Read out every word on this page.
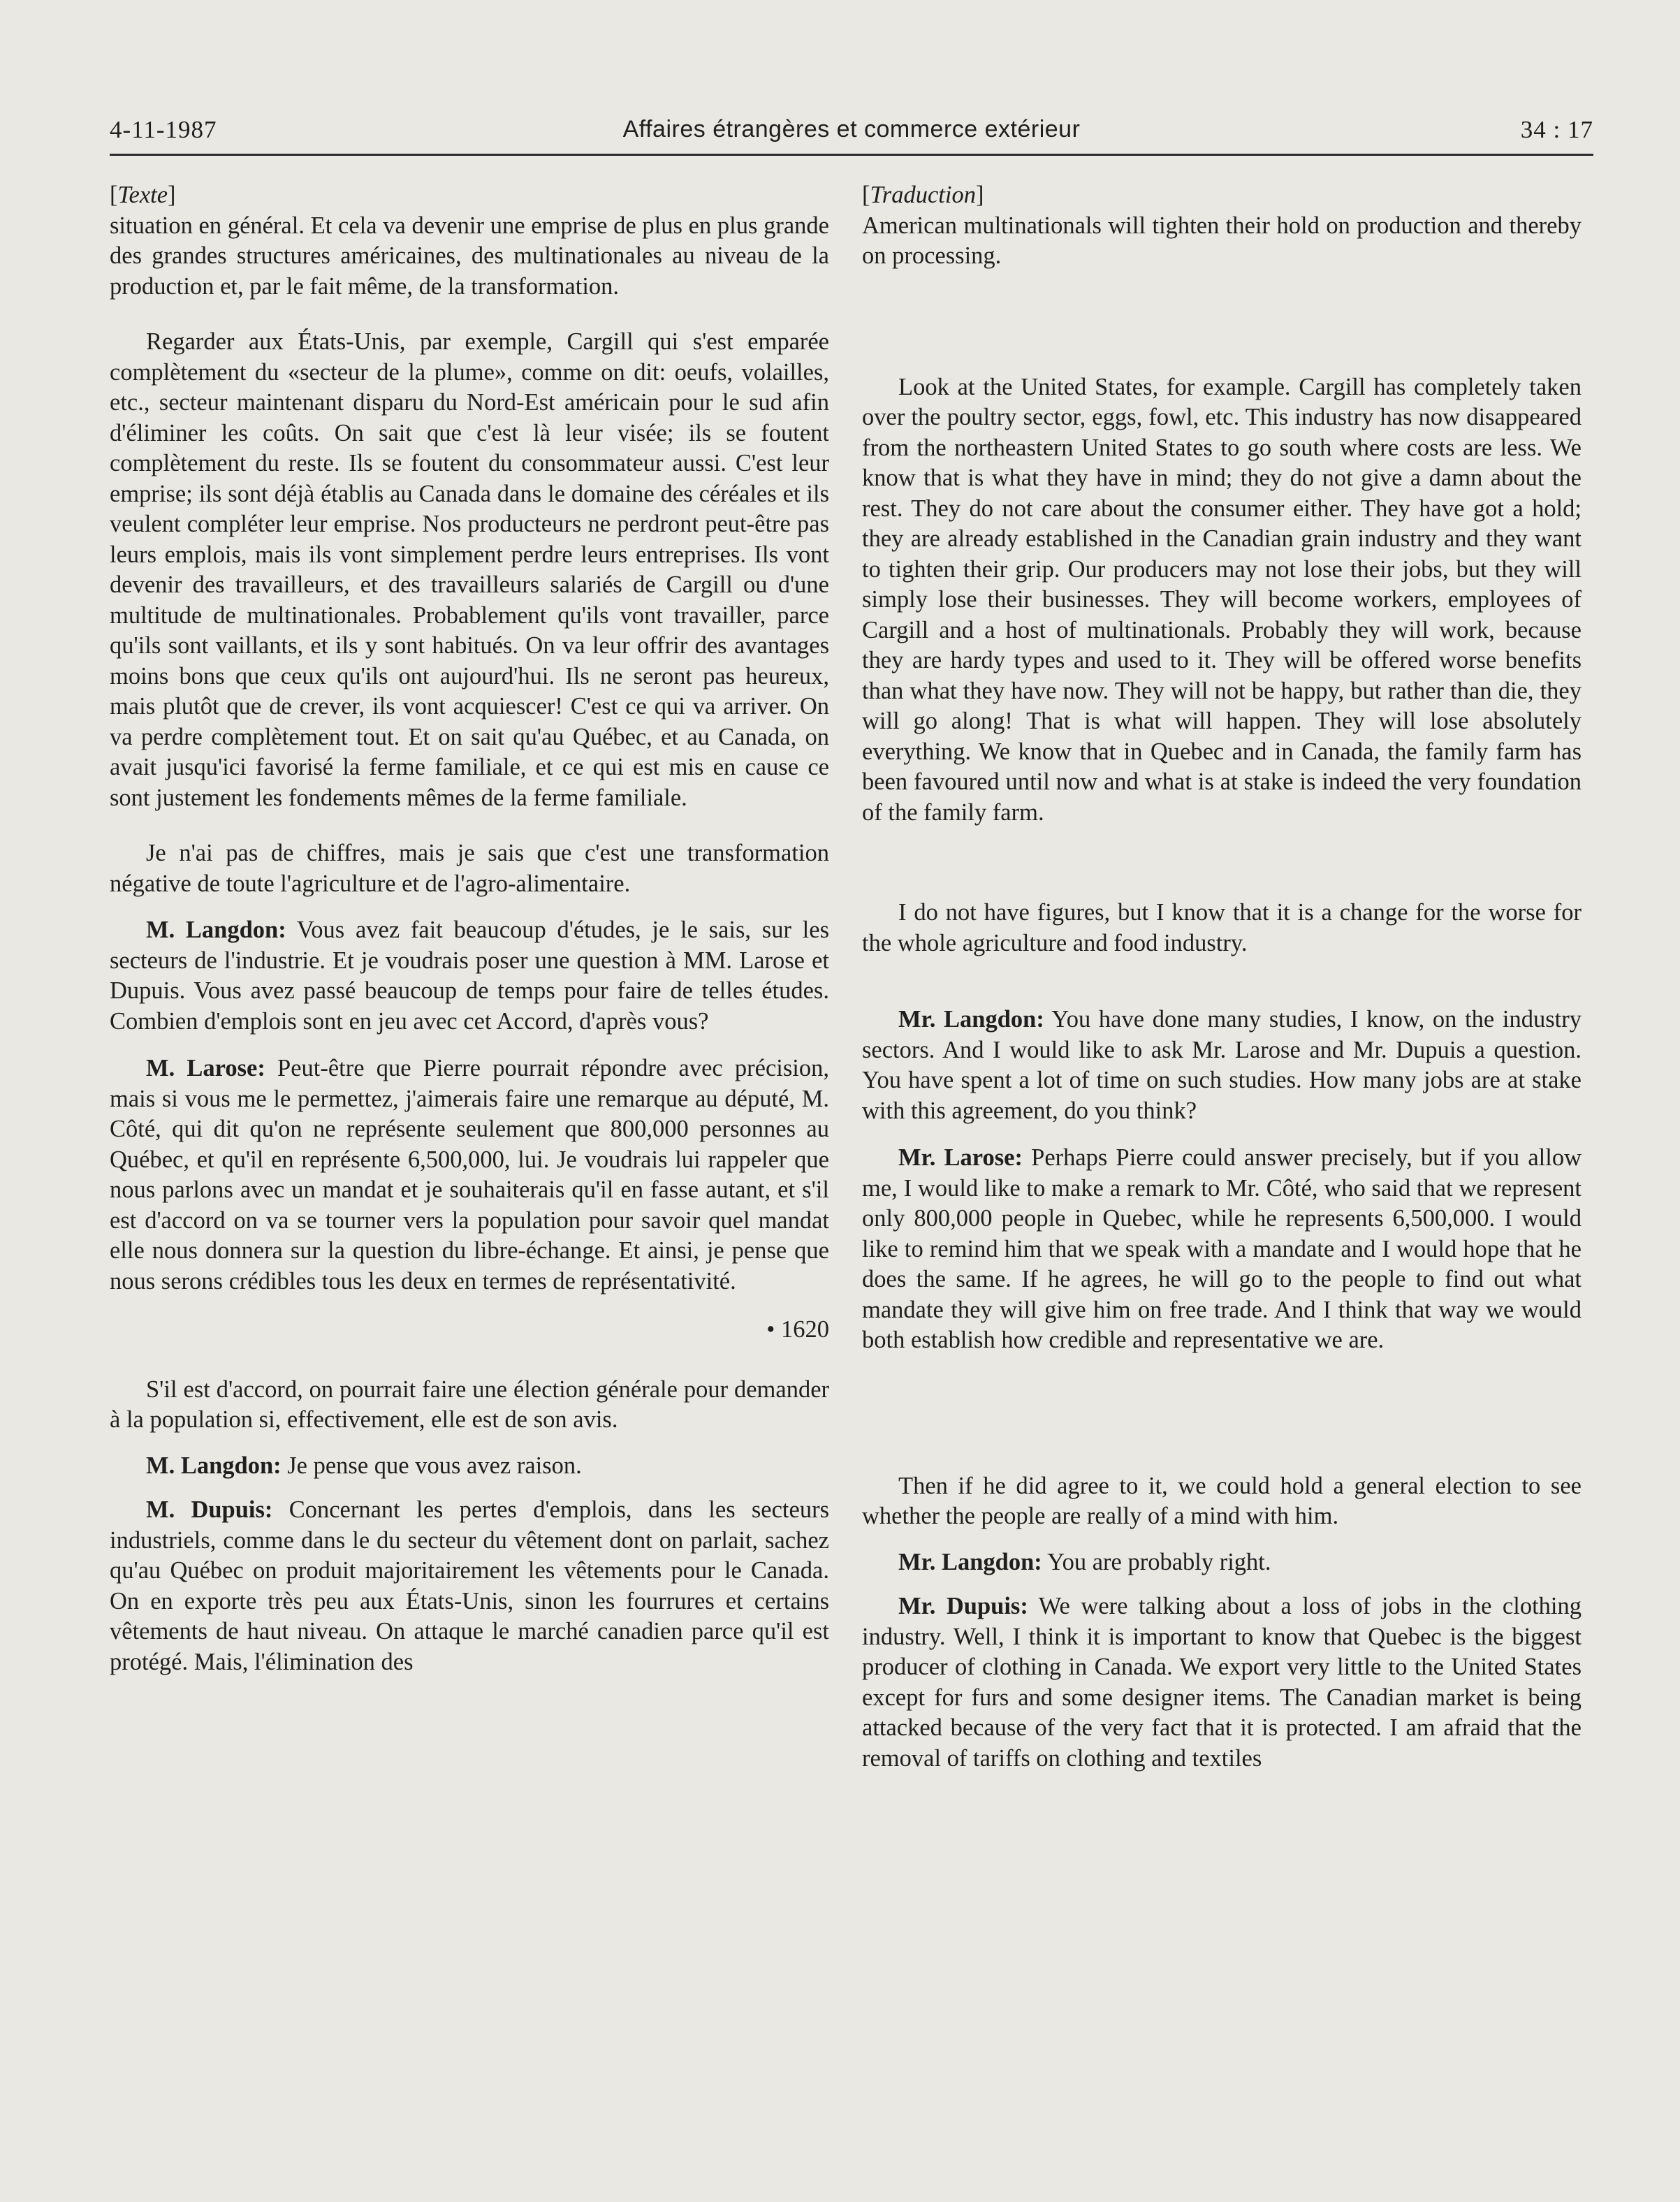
4-11-1987	Affaires étrangères et commerce extérieur	34 : 17

[Texte]

situation en général. Et cela va devenir une emprise de plus en plus grande des grandes structures américaines, des multinationales au niveau de la production et, par le fait même, de la transformation.

Regarder aux États-Unis, par exemple, Cargill qui s'est emparée complètement du «secteur de la plume», comme on dit: oeufs, volailles, etc., secteur maintenant disparu du Nord-Est américain pour le sud afin d'éliminer les coûts. On sait que c'est là leur visée; ils se foutent complètement du reste. Ils se foutent du consommateur aussi. C'est leur emprise; ils sont déjà établis au Canada dans le domaine des céréales et ils veulent compléter leur emprise. Nos producteurs ne perdront peut-être pas leurs emplois, mais ils vont simplement perdre leurs entreprises. Ils vont devenir des travailleurs, et des travailleurs salariés de Cargill ou d'une multitude de multinationales. Probablement qu'ils vont travailler, parce qu'ils sont vaillants, et ils y sont habitués. On va leur offrir des avantages moins bons que ceux qu'ils ont aujourd'hui. Ils ne seront pas heureux, mais plutôt que de crever, ils vont acquiescer! C'est ce qui va arriver. On va perdre complètement tout. Et on sait qu'au Québec, et au Canada, on avait jusqu'ici favorisé la ferme familiale, et ce qui est mis en cause ce sont justement les fondements mêmes de la ferme familiale.

Je n'ai pas de chiffres, mais je sais que c'est une transformation négative de toute l'agriculture et de l'agro-alimentaire.

M. Langdon: Vous avez fait beaucoup d'études, je le sais, sur les secteurs de l'industrie. Et je voudrais poser une question à MM. Larose et Dupuis. Vous avez passé beaucoup de temps pour faire de telles études. Combien d'emplois sont en jeu avec cet Accord, d'après vous?

M. Larose: Peut-être que Pierre pourrait répondre avec précision, mais si vous me le permettez, j'aimerais faire une remarque au député, M. Côté, qui dit qu'on ne représente seulement que 800,000 personnes au Québec, et qu'il en représente 6,500,000, lui. Je voudrais lui rappeler que nous parlons avec un mandat et je souhaiterais qu'il en fasse autant, et s'il est d'accord on va se tourner vers la population pour savoir quel mandat elle nous donnera sur la question du libre-échange. Et ainsi, je pense que nous serons crédibles tous les deux en termes de représentativité.

• 1620

S'il est d'accord, on pourrait faire une élection générale pour demander à la population si, effectivement, elle est de son avis.

M. Langdon: Je pense que vous avez raison.

M. Dupuis: Concernant les pertes d'emplois, dans les secteurs industriels, comme dans le du secteur du vêtement dont on parlait, sachez qu'au Québec on produit majoritairement les vêtements pour le Canada. On en exporte très peu aux États-Unis, sinon les fourrures et certains vêtements de haut niveau. On attaque le marché canadien parce qu'il est protégé. Mais, l'élimination des

[Traduction]

American multinationals will tighten their hold on production and thereby on processing.

Look at the United States, for example. Cargill has completely taken over the poultry sector, eggs, fowl, etc. This industry has now disappeared from the northeastern United States to go south where costs are less. We know that is what they have in mind; they do not give a damn about the rest. They do not care about the consumer either. They have got a hold; they are already established in the Canadian grain industry and they want to tighten their grip. Our producers may not lose their jobs, but they will simply lose their businesses. They will become workers, employees of Cargill and a host of multinationals. Probably they will work, because they are hardy types and used to it. They will be offered worse benefits than what they have now. They will not be happy, but rather than die, they will go along! That is what will happen. They will lose absolutely everything. We know that in Quebec and in Canada, the family farm has been favoured until now and what is at stake is indeed the very foundation of the family farm.

I do not have figures, but I know that it is a change for the worse for the whole agriculture and food industry.

Mr. Langdon: You have done many studies, I know, on the industry sectors. And I would like to ask Mr. Larose and Mr. Dupuis a question. You have spent a lot of time on such studies. How many jobs are at stake with this agreement, do you think?

Mr. Larose: Perhaps Pierre could answer precisely, but if you allow me, I would like to make a remark to Mr. Côté, who said that we represent only 800,000 people in Quebec, while he represents 6,500,000. I would like to remind him that we speak with a mandate and I would hope that he does the same. If he agrees, he will go to the people to find out what mandate they will give him on free trade. And I think that way we would both establish how credible and representative we are.

Then if he did agree to it, we could hold a general election to see whether the people are really of a mind with him.

Mr. Langdon: You are probably right.

Mr. Dupuis: We were talking about a loss of jobs in the clothing industry. Well, I think it is important to know that Quebec is the biggest producer of clothing in Canada. We export very little to the United States except for furs and some designer items. The Canadian market is being attacked because of the very fact that it is protected. I am afraid that the removal of tariffs on clothing and textiles
